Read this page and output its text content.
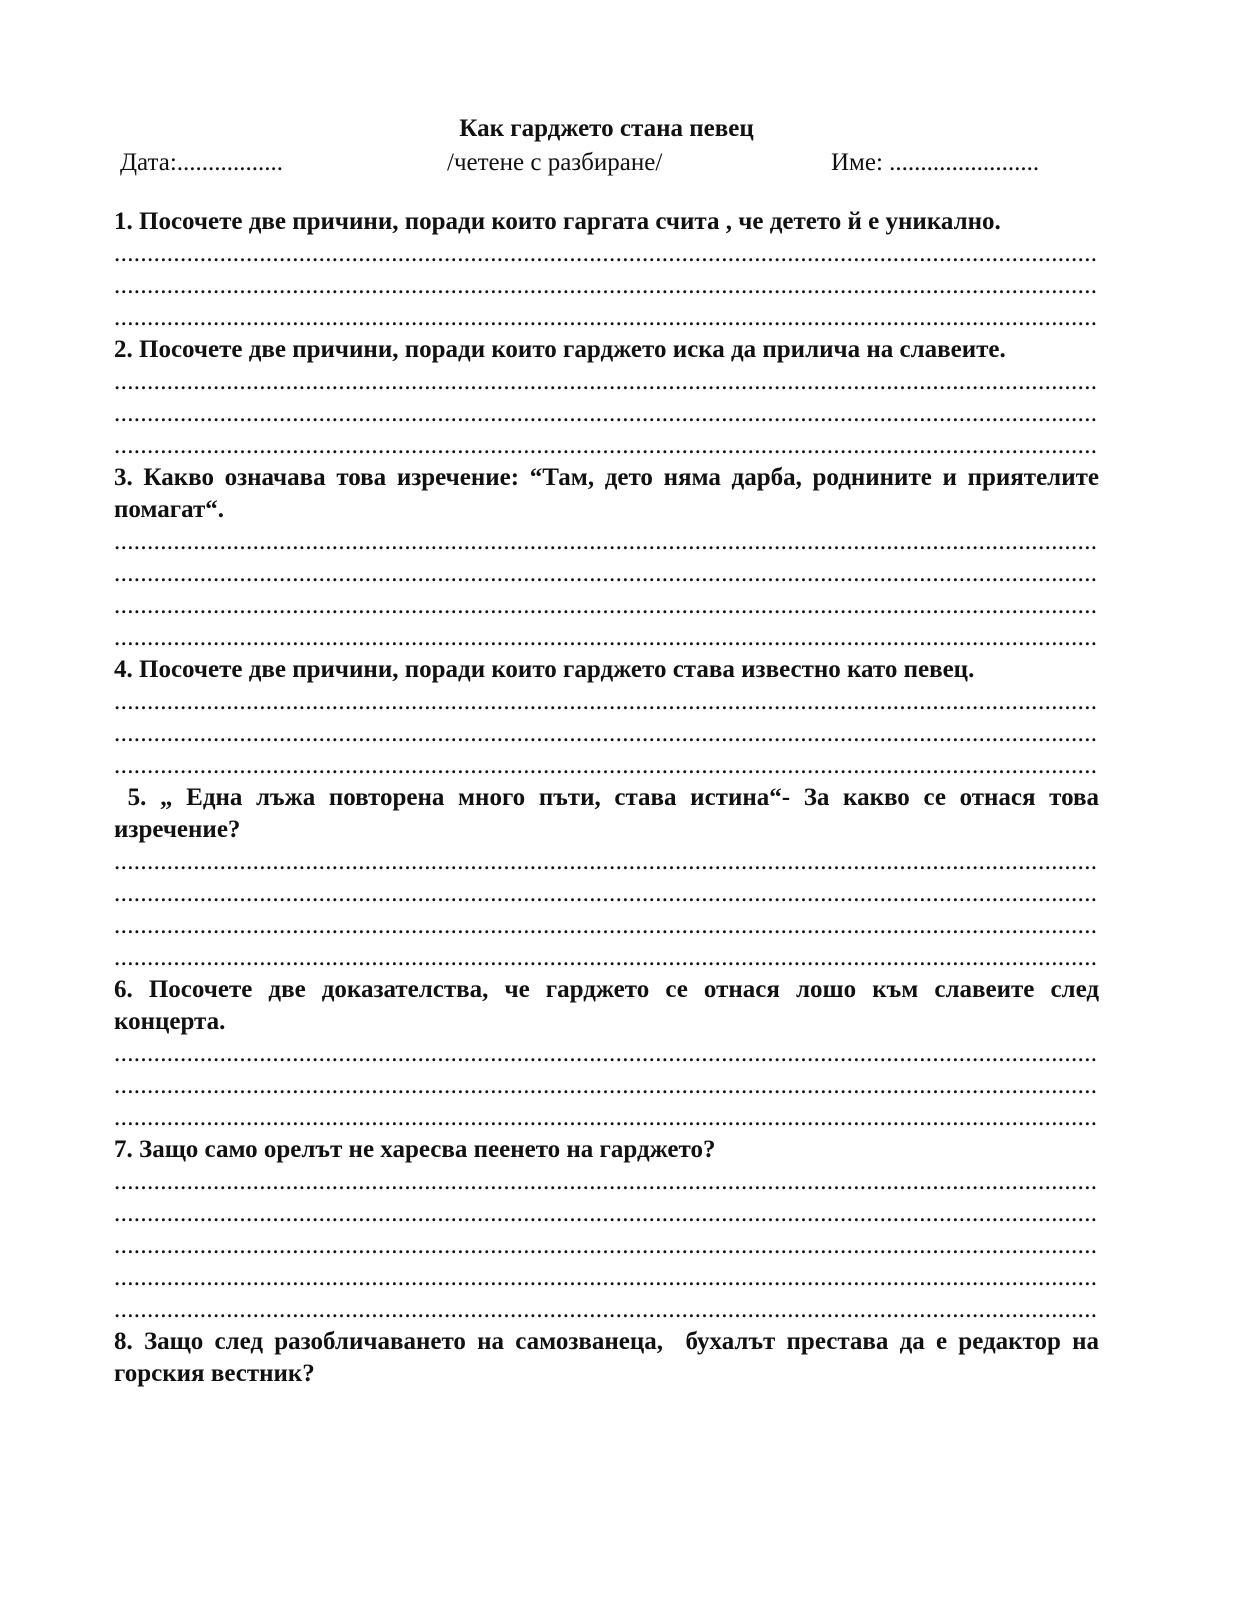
Как гарджето стана певец

Дата:.................	/четене с разбиране/	Име: ........................

1. Посочете две причини, поради които гаргата счита , че детето й е уникално.

.....
.....
.....

2. Посочете две причини, поради които гарджето иска да прилича на славеите.

.....
.....
.....

3. Какво означава това изречение: “Там, дето няма дарба, роднините и приятелите помагат“.

.....
.....
.....
.....

4. Посочете две причини, поради които гарджето става известно като певец.

.....
.....
.....

5. „ Една лъжа повторена много пъти, става истина“- За какво се отнася това изречение?

.....
.....
.....
.....

6. Посочете две доказателства, че гарджето се отнася лошо към славеите след концерта.

.....
.....
.....

7. Защо само орелът не харесва пеенето на гарджето?

.....
.....
.....
.....
.....

8. Защо след разобличаването на самозванеца,  бухалът престава да е редактор на горския вестник?
